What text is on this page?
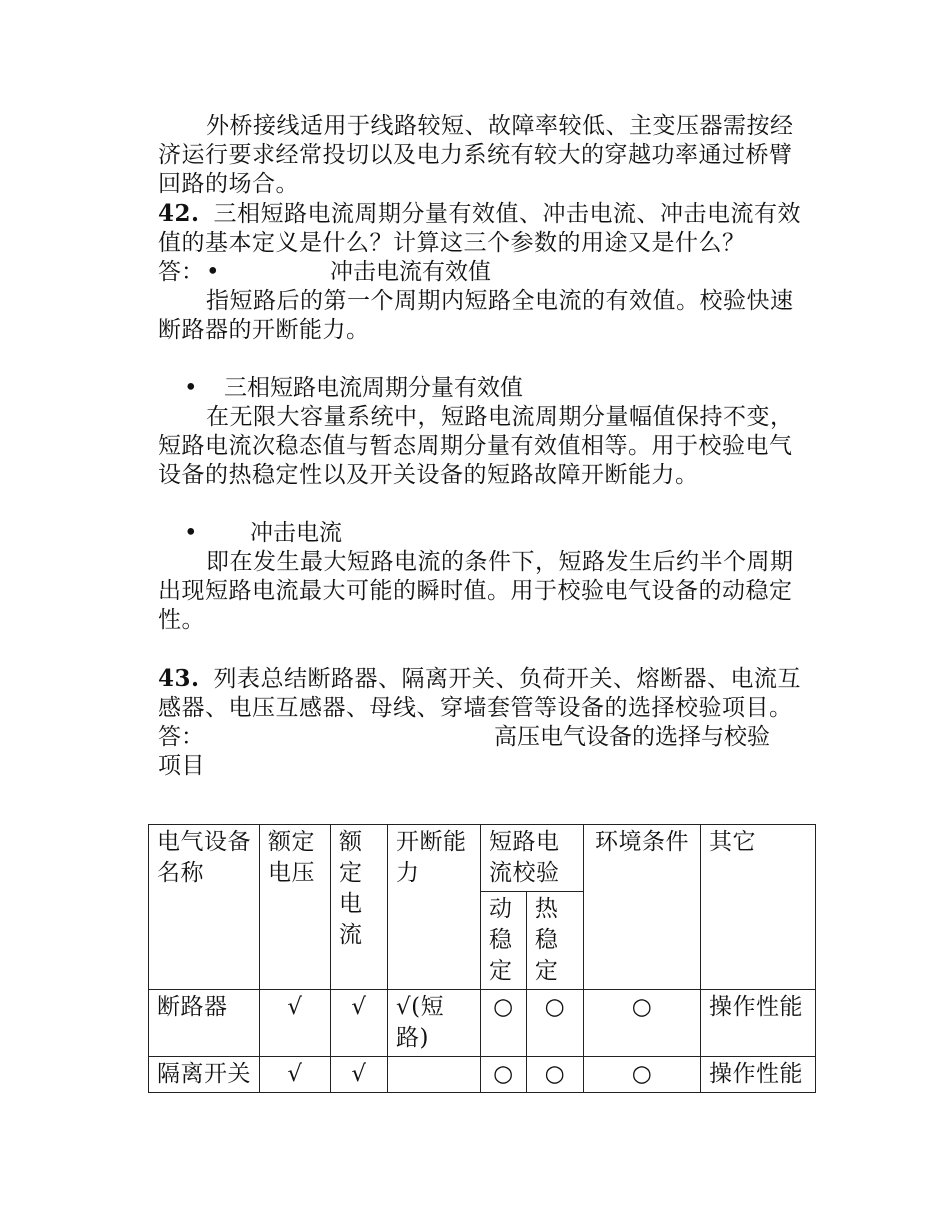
外桥接线适用于线路较短、故障率较低、主变压器需按经济运行要求经常投切以及电力系统有较大的穿越功率通过桥臂回路的场合。

42. 三相短路电流周期分量有效值、冲击电流、冲击电流有效值的基本定义是什么？计算这三个参数的用途又是什么？

答： •	冲击电流有效值

指短路后的第一个周期内短路全电流的有效值。校验快速断路器的开断能力。

• 三相短路电流周期分量有效值

在无限大容量系统中，短路电流周期分量幅值保持不变，短路电流次稳态值与暂态周期分量有效值相等。用于校验电气设备的热稳定性以及开关设备的短路故障开断能力。

• 冲击电流

即在发生最大短路电流的条件下，短路发生后约半个周期出现短路电流最大可能的瞬时值。用于校验电气设备的动稳定性。

43. 列表总结断路器、隔离开关、负荷开关、熔断器、电流互感器、电压互感器、母线、穿墙套管等设备的选择校验项目。

答：	高压电气设备的选择与校验

项目

电气设备名称	额定电压	额定电流	开断能力	短路电流校验		环境条件	其它
				动稳定	热稳定		
断路器	√	√	√(短路)	○	○	○	操作性能
隔离开关	√	√		○	○	○	操作性能
